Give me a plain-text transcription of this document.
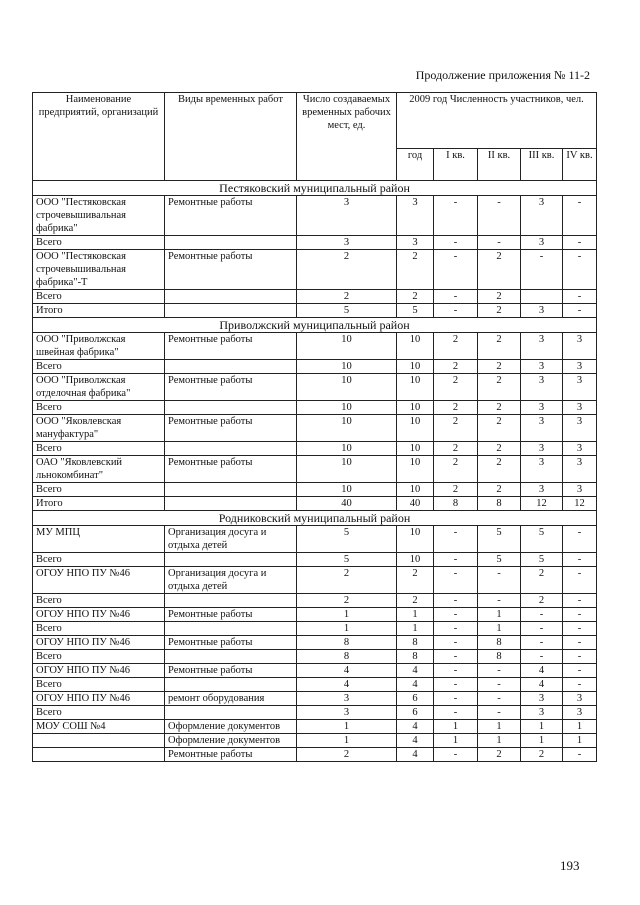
Продолжение приложения № 11-2
Наименование предприятий, организаций	Виды временных работ	Число создаваемых временных рабочих мест, ед.	2009 год Численность участников, чел.				
			год	I кв.	II кв.	III кв.	IV кв.
Пестяковский муниципальный район							
ООО "Пестяковская строчевышивальная фабрика"	Ремонтные работы	3	3	-	-	3	-
Всего		3	3	-	-	3	-
ООО "Пестяковская строчевышивальная фабрика"-Т	Ремонтные работы	2	2	-	2	-	-
Всего		2	2	-	2		-
Итого		5	5	-	2	3	-
Приволжский муниципальный район							
ООО "Приволжская швейная фабрика"	Ремонтные работы	10	10	2	2	3	3
Всего		10	10	2	2	3	3
ООО "Приволжская отделочная фабрика"	Ремонтные работы	10	10	2	2	3	3
Всего		10	10	2	2	3	3
ООО "Яковлевская мануфактура"	Ремонтные работы	10	10	2	2	3	3
Всего		10	10	2	2	3	3
ОАО "Яковлевский льнокомбинат"	Ремонтные работы	10	10	2	2	3	3
Всего		10	10	2	2	3	3
Итого		40	40	8	8	12	12
Родниковский муниципальный район							
МУ МПЦ	Организация досуга и отдыха детей	5	10	-	5	5	-
Всего		5	10	-	5	5	-
ОГОУ НПО ПУ №46	Организация досуга и отдыха детей	2	2	-	-	2	-
Всего		2	2	-	-	2	-
ОГОУ НПО ПУ №46	Ремонтные работы	1	1	-	1	-	-
Всего		1	1	-	1	-	-
ОГОУ НПО ПУ №46	Ремонтные работы	8	8	-	8	-	-
Всего		8	8	-	8	-	-
ОГОУ НПО ПУ №46	Ремонтные работы	4	4	-	-	4	-
Всего		4	4	-	-	4	-
ОГОУ НПО ПУ №46	ремонт оборудования	3	6	-	-	3	3
Всего		3	6	-	-	3	3
МОУ СОШ №4	Оформление документов	1	4	1	1	1	1
	Оформление документов	1	4	1	1	1	1
	Ремонтные работы	2	4	-	2	2	-
193
